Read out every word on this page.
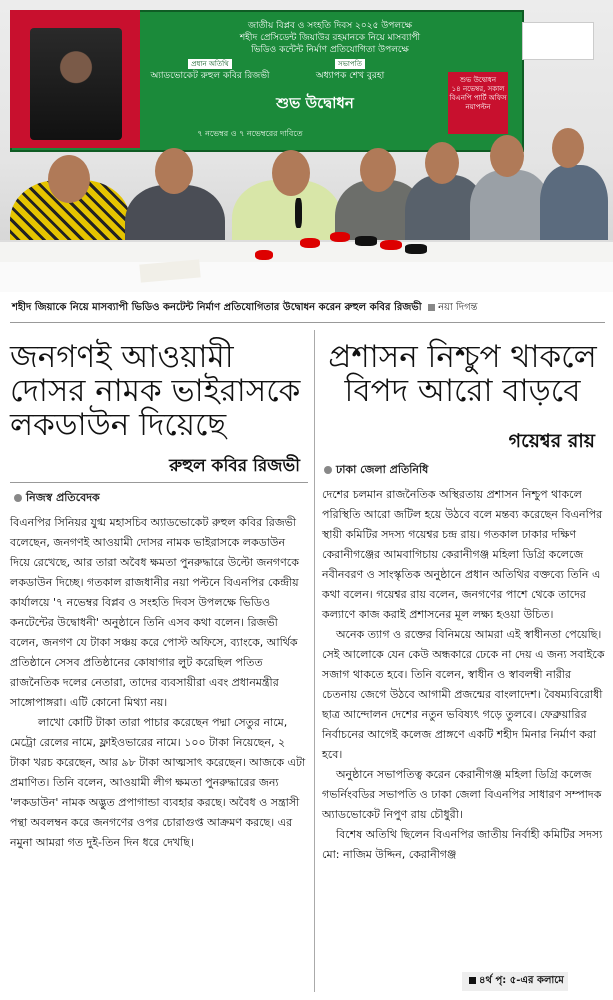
জাতীয় বিপ্লব ও সংহতি দিবস ২০২৫ উপলক্ষে
শহীদ প্রেসিডেন্ট জিয়াউর রহমানকে নিয়ে মাসব্যাপী
ভিডিও কন্টেন্ট নির্মাণ প্রতিযোগিতা উপলক্ষে
শুভ উদ্বোধন
প্রধান অতিথি
অ্যাডভোকেট রুহুল কবির রিজভী
সভাপতি
অধ্যাপক শেখ বুরহা	শুভ উদ্বোধন
১৪ নভেম্বর, সকাল
বিএনপি পার্টি অফিস নয়াপল্টন
৭ নভেম্বর ও ৭ নভেম্বরের দাবিতে
শহীদ জিয়াকে নিয়ে মাসব্যাপী ভিডিও কনটেন্ট নির্মাণ প্রতিযোগিতার উদ্বোধন করেন রুহুল কবির রিজভী নয়া দিগন্ত
জনগণই আওয়ামী দোসর নামক ভাইরাসকে লকডাউন দিয়েছে
রুহুল কবির রিজভী
নিজস্ব প্রতিবেদক

বিএনপির সিনিয়র যুগ্ম মহাসচিব অ্যাডভোকেট রুহুল কবির রিজভী বলেছেন, জনগণই আওয়ামী দোসর নামক ভাইরাসকে লকডাউন দিয়ে রেখেছে, আর তারা অবৈধ ক্ষমতা পুনরুদ্ধারে উল্টো জনগণকে লকডাউন দিচ্ছে। গতকাল রাজধানীর নয়া পল্টনে বিএনপির কেন্দ্রীয় কার্যালয়ে '৭ নভেম্বর বিপ্লব ও সংহতি দিবস উপলক্ষে ভিডিও কনটেন্টের উদ্বোধনী' অনুষ্ঠানে তিনি এসব কথা বলেন। রিজভী বলেন, জনগণ যে টাকা সঞ্চয় করে পোস্ট অফিসে, ব্যাংকে, আর্থিক প্রতিষ্ঠানে সেসব প্রতিষ্ঠানের কোষাগার লুট করেছিল পতিত রাজনৈতিক দলের নেতারা, তাদের ব্যবসায়ীরা এবং প্রধানমন্ত্রীর সাঙ্গোপাঙ্গরা। এটি কোনো মিথ্যা নয়।

লাখো কোটি টাকা তারা পাচার করেছেন পদ্মা সেতুর নামে, মেট্রো রেলের নামে, ফ্লাইওভারের নামে। ১০০ টাকা নিয়েছেন, ২ টাকা খরচ করেছেন, আর ৯৮ টাকা আত্মসাৎ করেছেন। আজকে এটা প্রমাণিত। তিনি বলেন, আওয়ামী লীগ ক্ষমতা পুনরুদ্ধারের জন্য 'লকডাউন' নামক অদ্ভুত প্রপাগান্ডা ব্যবহার করছে। অবৈধ ও সন্ত্রাসী পন্থা অবলম্বন করে জনগণের ওপর চোরাগুপ্ত আক্রমণ করছে। এর নমুনা আমরা গত দুই-তিন দিন ধরে দেখছি।

প্রশাসন নিশ্চুপ থাকলে বিপদ আরো বাড়বে
গয়েশ্বর রায়
ঢাকা জেলা প্রতিনিধি

দেশের চলমান রাজনৈতিক অস্থিরতায় প্রশাসন নিশ্চুপ থাকলে পরিস্থিতি আরো জটিল হয়ে উঠবে বলে মন্তব্য করেছেন বিএনপির স্থায়ী কমিটির সদস্য গয়েশ্বর চন্দ্র রায়। গতকাল ঢাকার দক্ষিণ কেরানীগঞ্জের আমবাগিচায় কেরানীগঞ্জ মহিলা ডিগ্রি কলেজে নবীনবরণ ও সাংস্কৃতিক অনুষ্ঠানে প্রধান অতিথির বক্তব্যে তিনি এ কথা বলেন। গয়েশ্বর রায় বলেন, জনগণের পাশে থেকে তাদের কল্যাণে কাজ করাই প্রশাসনের মূল লক্ষ্য হওয়া উচিত।

অনেক ত্যাগ ও রক্তের বিনিময়ে আমরা এই স্বাধীনতা পেয়েছি। সেই আলোকে যেন কেউ অন্ধকারে ঢেকে না দেয় এ জন্য সবাইকে সজাগ থাকতে হবে। তিনি বলেন, স্বাধীন ও স্বাবলম্বী নারীর চেতনায় জেগে উঠবে আগামী প্রজন্মের বাংলাদেশ। বৈষম্যবিরোধী ছাত্র আন্দোলন দেশের নতুন ভবিষ্যৎ গড়ে তুলবে। ফেব্রুয়ারির নির্বাচনের আগেই কলেজ প্রাঙ্গণে একটি শহীদ মিনার নির্মাণ করা হবে।

অনুষ্ঠানে সভাপতিত্ব করেন কেরানীগঞ্জ মহিলা ডিগ্রি কলেজ গভর্নিংবডির সভাপতি ও ঢাকা জেলা বিএনপির সাধারণ সম্পাদক অ্যাডভোকেট নিপুণ রায় চৌধুরী।

বিশেষ অতিথি ছিলেন বিএনপির জাতীয় নির্বাহী কমিটির সদস্য মো: নাজিম উদ্দিন, কেরানীগঞ্জ

৪র্থ পৃ: ৫-এর কলামে
